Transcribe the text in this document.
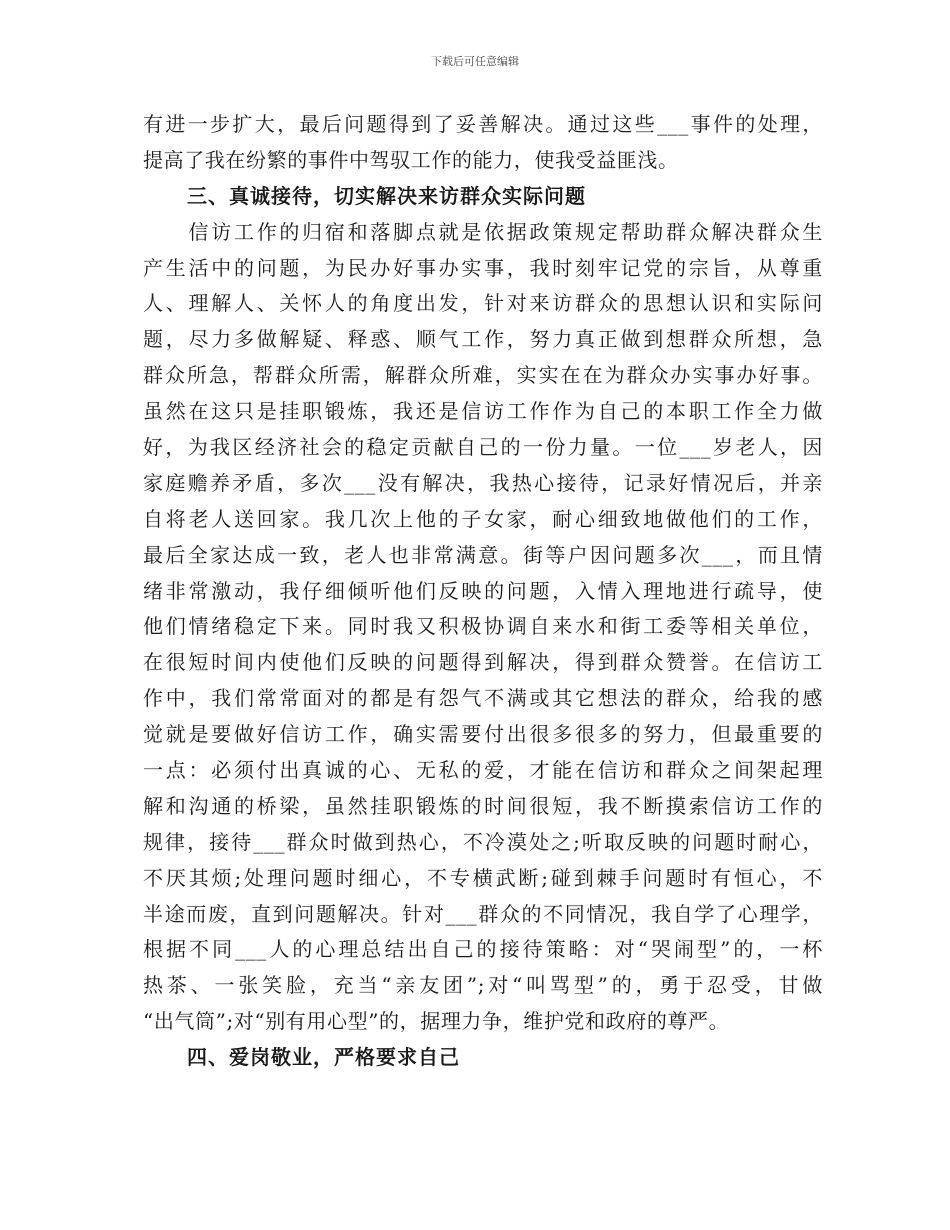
下载后可任意编辑
有进一步扩大，最后问题得到了妥善解决。通过这些___事件的处理，
提高了我在纷繁的事件中驾驭工作的能力，使我受益匪浅。
三、真诚接待，切实解决来访群众实际问题
　　信访工作的归宿和落脚点就是依据政策规定帮助群众解决群众生
产生活中的问题，为民办好事办实事，我时刻牢记党的宗旨，从尊重
人、理解人、关怀人的角度出发，针对来访群众的思想认识和实际问
题，尽力多做解疑、释惑、顺气工作，努力真正做到想群众所想，急
群众所急，帮群众所需，解群众所难，实实在在为群众办实事办好事。
虽然在这只是挂职锻炼，我还是信访工作作为自己的本职工作全力做
好，为我区经济社会的稳定贡献自己的一份力量。一位___岁老人，因
家庭赡养矛盾，多次___没有解决，我热心接待，记录好情况后，并亲
自将老人送回家。我几次上他的子女家，耐心细致地做他们的工作，
最后全家达成一致，老人也非常满意。街等户因问题多次___，而且情
绪非常激动，我仔细倾听他们反映的问题，入情入理地进行疏导，使
他们情绪稳定下来。同时我又积极协调自来水和街工委等相关单位，
在很短时间内使他们反映的问题得到解决，得到群众赞誉。在信访工
作中，我们常常面对的都是有怨气不满或其它想法的群众，给我的感
觉就是要做好信访工作，确实需要付出很多很多的努力，但最重要的
一点：必须付出真诚的心、无私的爱，才能在信访和群众之间架起理
解和沟通的桥梁，虽然挂职锻炼的时间很短，我不断摸索信访工作的
规律，接待___群众时做到热心，不冷漠处之;听取反映的问题时耐心，
不厌其烦;处理问题时细心，不专横武断;碰到棘手问题时有恒心，不
半途而废，直到问题解决。针对___群众的不同情况，我自学了心理学，
根据不同___人的心理总结出自己的接待策略：对“哭闹型”的，一杯
热茶、一张笑脸，充当“亲友团”;对“叫骂型”的，勇于忍受，甘做
“出气筒”;对“别有用心型”的，据理力争，维护党和政府的尊严。
四、爱岗敬业，严格要求自己
